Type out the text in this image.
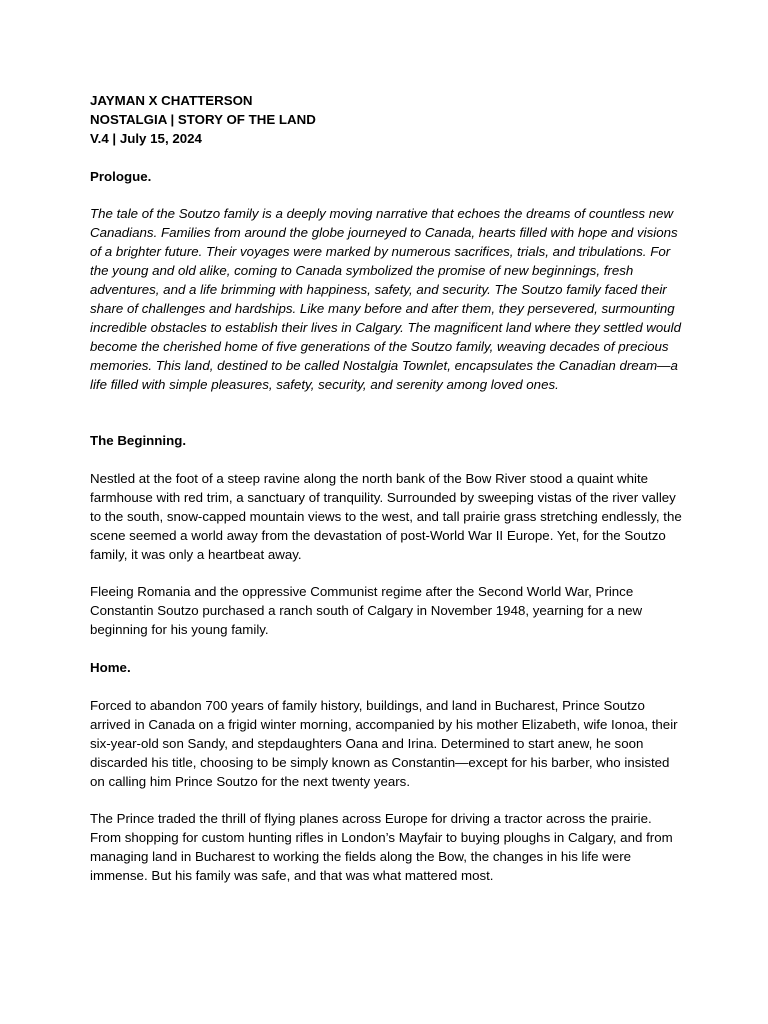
JAYMAN X CHATTERSON

NOSTALGIA | STORY OF THE LAND

V.4 | July 15, 2024

Prologue.

The tale of the Soutzo family is a deeply moving narrative that echoes the dreams of countless new Canadians. Families from around the globe journeyed to Canada, hearts filled with hope and visions of a brighter future. Their voyages were marked by numerous sacrifices, trials, and tribulations. For the young and old alike, coming to Canada symbolized the promise of new beginnings, fresh adventures, and a life brimming with happiness, safety, and security. The Soutzo family faced their share of challenges and hardships. Like many before and after them, they persevered, surmounting incredible obstacles to establish their lives in Calgary. The magnificent land where they settled would become the cherished home of five generations of the Soutzo family, weaving decades of precious memories. This land, destined to be called Nostalgia Townlet, encapsulates the Canadian dream—a life filled with simple pleasures, safety, security, and serenity among loved ones.

The Beginning.

Nestled at the foot of a steep ravine along the north bank of the Bow River stood a quaint white farmhouse with red trim, a sanctuary of tranquility. Surrounded by sweeping vistas of the river valley to the south, snow-capped mountain views to the west, and tall prairie grass stretching endlessly, the scene seemed a world away from the devastation of post-World War II Europe. Yet, for the Soutzo family, it was only a heartbeat away.

Fleeing Romania and the oppressive Communist regime after the Second World War, Prince Constantin Soutzo purchased a ranch south of Calgary in November 1948, yearning for a new beginning for his young family.

Home.

Forced to abandon 700 years of family history, buildings, and land in Bucharest, Prince Soutzo arrived in Canada on a frigid winter morning, accompanied by his mother Elizabeth, wife Ionoa, their six-year-old son Sandy, and stepdaughters Oana and Irina. Determined to start anew, he soon discarded his title, choosing to be simply known as Constantin—except for his barber, who insisted on calling him Prince Soutzo for the next twenty years.

The Prince traded the thrill of flying planes across Europe for driving a tractor across the prairie. From shopping for custom hunting rifles in London’s Mayfair to buying ploughs in Calgary, and from managing land in Bucharest to working the fields along the Bow, the changes in his life were immense. But his family was safe, and that was what mattered most.
